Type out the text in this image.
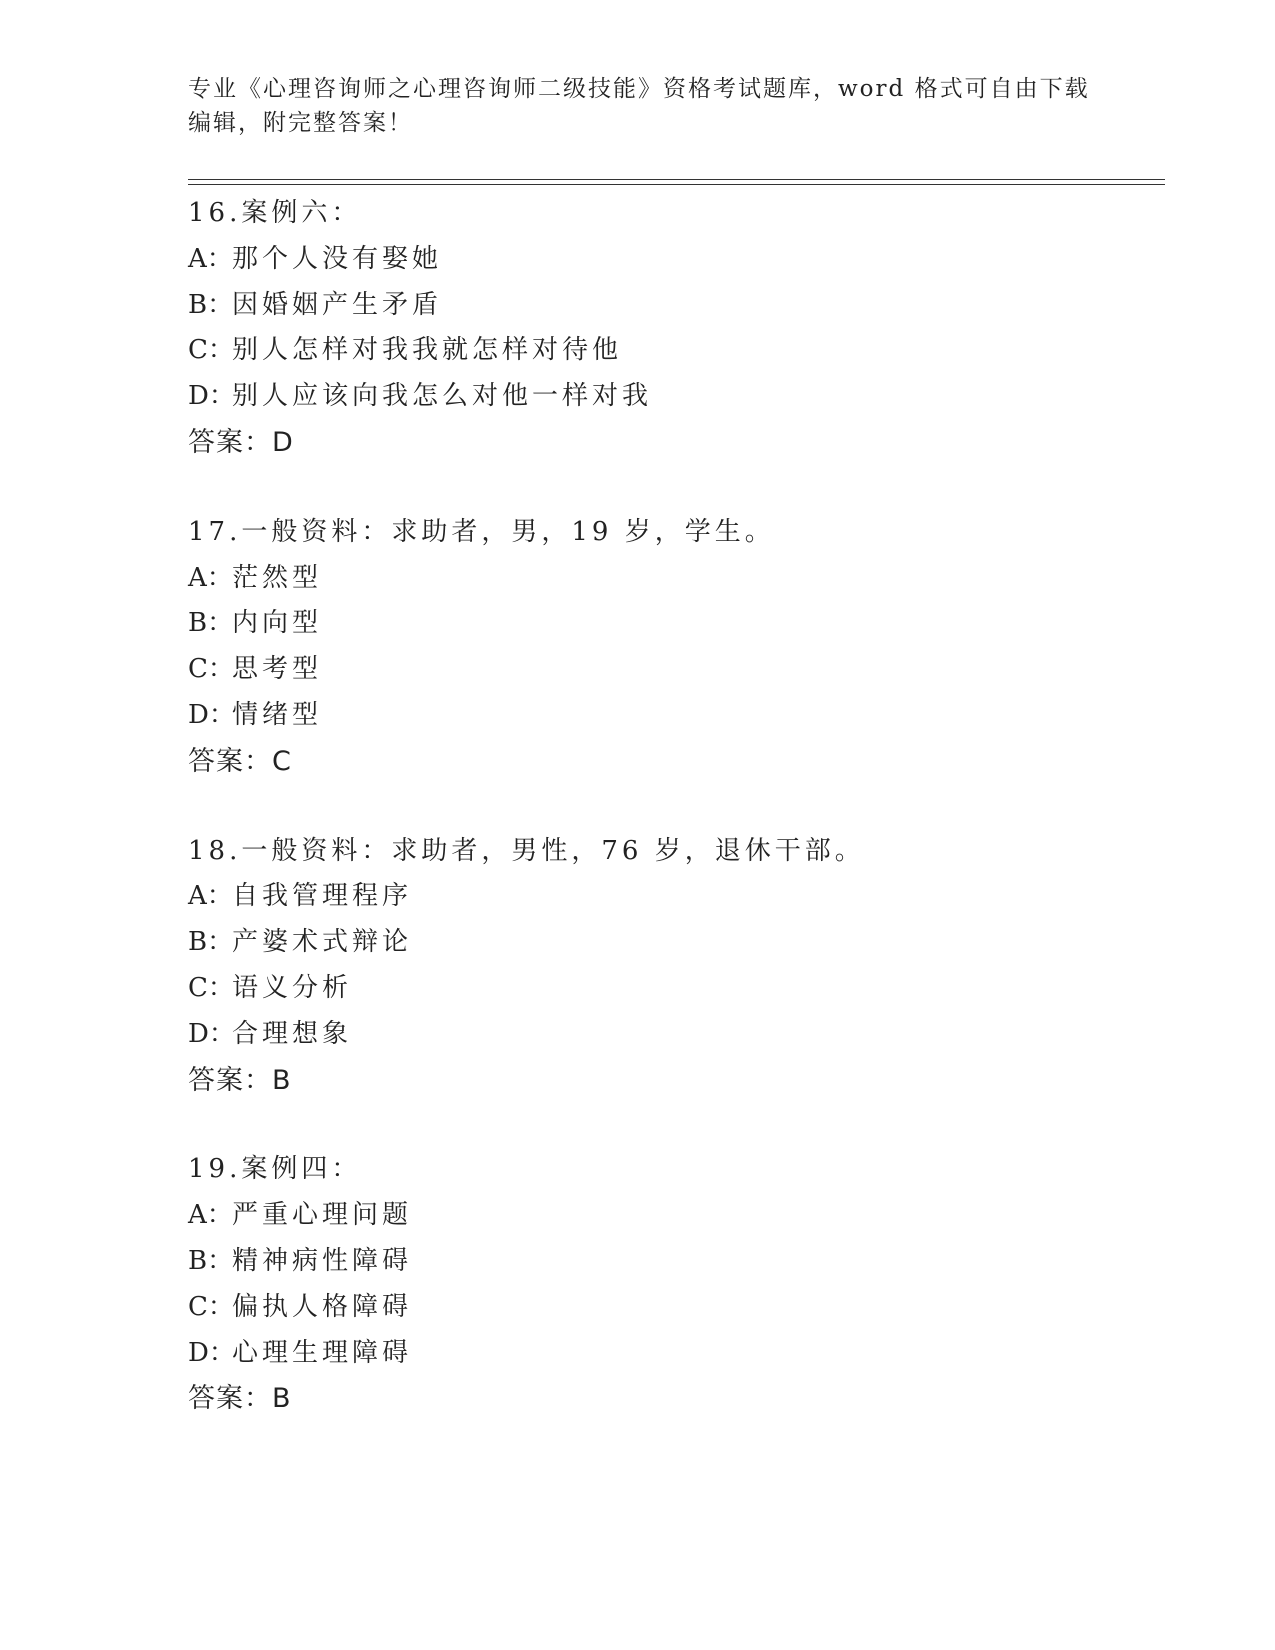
专业《心理咨询师之心理咨询师二级技能》资格考试题库，word 格式可自由下载
编辑，附完整答案！
16.案例六：
A：那个人没有娶她
B：因婚姻产生矛盾
C：别人怎样对我我就怎样对待他
D：别人应该向我怎么对他一样对我
答案：D
17.一般资料：求助者，男，19 岁，学生。
A：茫然型
B：内向型
C：思考型
D：情绪型
答案：C
18.一般资料：求助者，男性，76 岁，退休干部。
A：自我管理程序
B：产婆术式辩论
C：语义分析
D：合理想象
答案：B
19.案例四：
A：严重心理问题
B：精神病性障碍
C：偏执人格障碍
D：心理生理障碍
答案：B
